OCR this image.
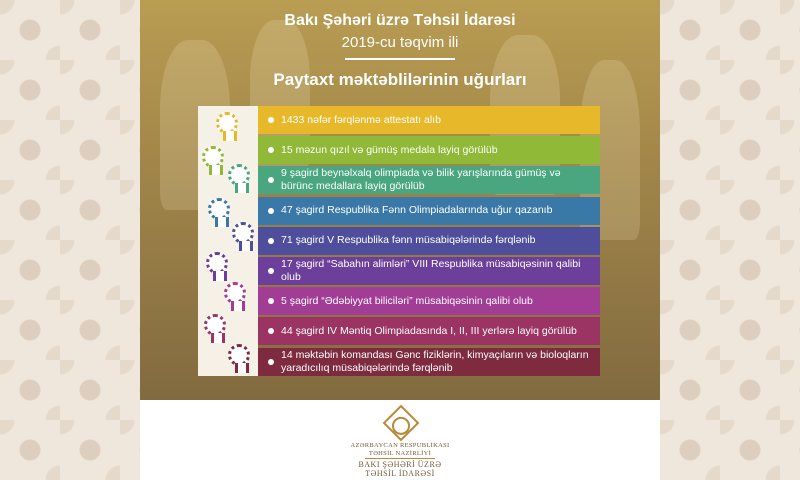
Bakı Şəhəri üzrə Təhsil İdarəsi
2019-cu təqvim ili
Paytaxt məktəblilərinin uğurları
1433 nəfər fərqlənmə attestatı alıb
15 məzun qızıl və gümüş medala layiq görülüb
9 şagird beynəlxalq olimpiada və bilik yarışlarında gümüş və bürünc medallara layiq görülüb
47 şagird Respublika Fənn Olimpiadalarında uğur qazanıb
71 şagird V Respublika fənn müsabiqələrində fərqlənib
17 şagird “Sabahın alimləri” VIII Respublika müsabiqəsinin qalibi olub
5 şagird “Ədəbiyyat biliciləri” müsabiqəsinin qalibi olub
44 şagird IV Məntiq Olimpiadasında I, II, III yerlərə layiq görülüb
14 məktəbin komandası Gənc fiziklərin, kimyaçıların və bioloqların yaradıcılıq müsabiqələrində fərqlənib
AZƏRBAYCAN RESPUBLİKASI
TƏHSİL NAZİRLİYİ
BAKI ŞƏHƏRİ ÜZRƏ
TƏHSİL İDARƏSİ
